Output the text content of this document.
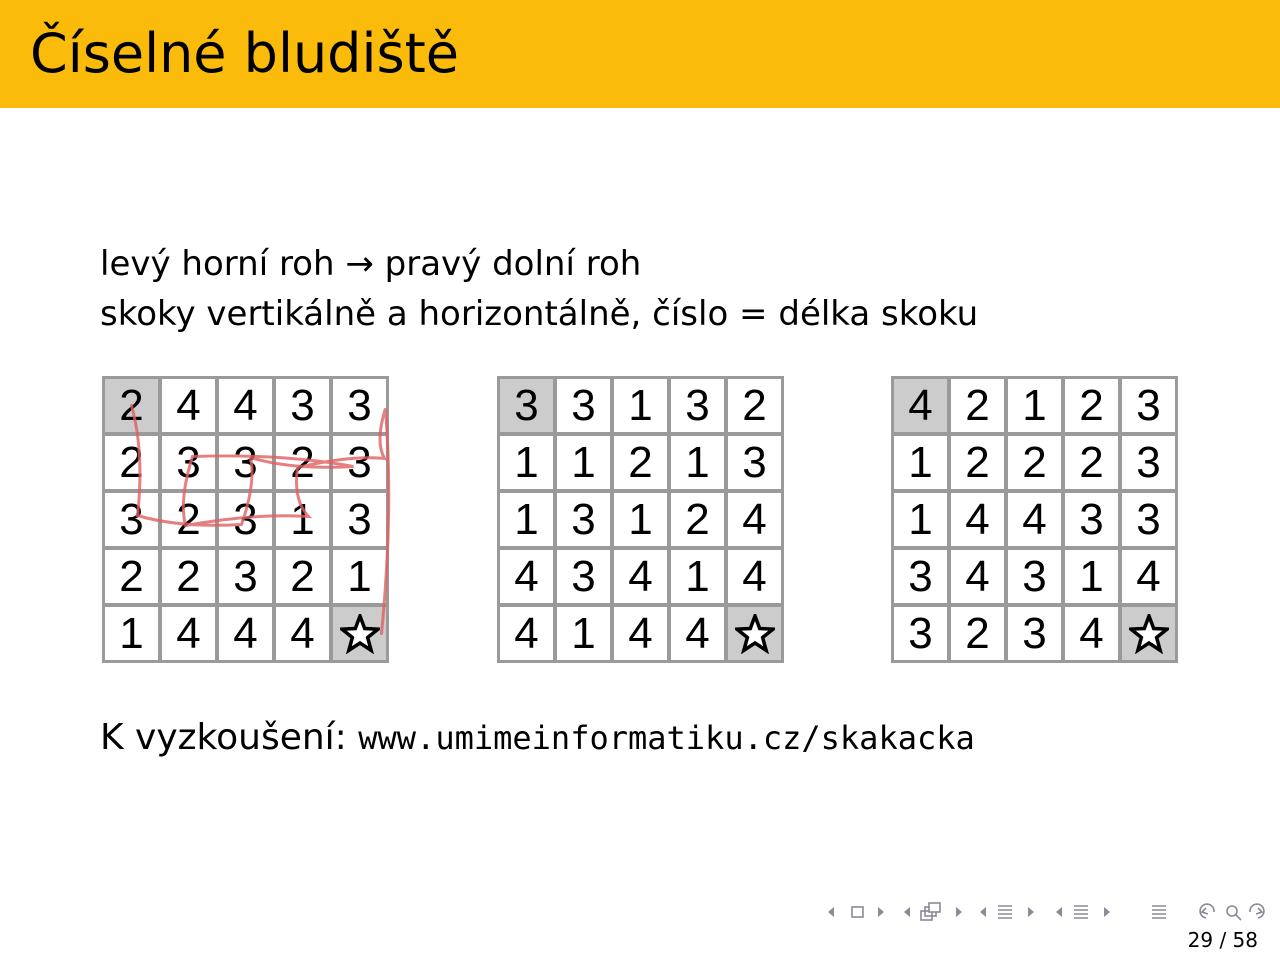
Číselné bludiště
levý horní roh → pravý dolní roh
skoky vertikálně a horizontálně, číslo = délka skoku
2 4 4 3 3
2 3 3 2 3
3 2 3 1 3
2 2 3 2 1
1 4 4 4
3 3 1 3 2
1 1 2 1 3
1 3 1 2 4
4 3 4 1 4
4 1 4 4
4 2 1 2 3
1 2 2 2 3
1 4 4 3 3
3 4 3 1 4
3 2 3 4
K vyzkoušení: www.umimeinformatiku.cz/skakacka
29 / 58
